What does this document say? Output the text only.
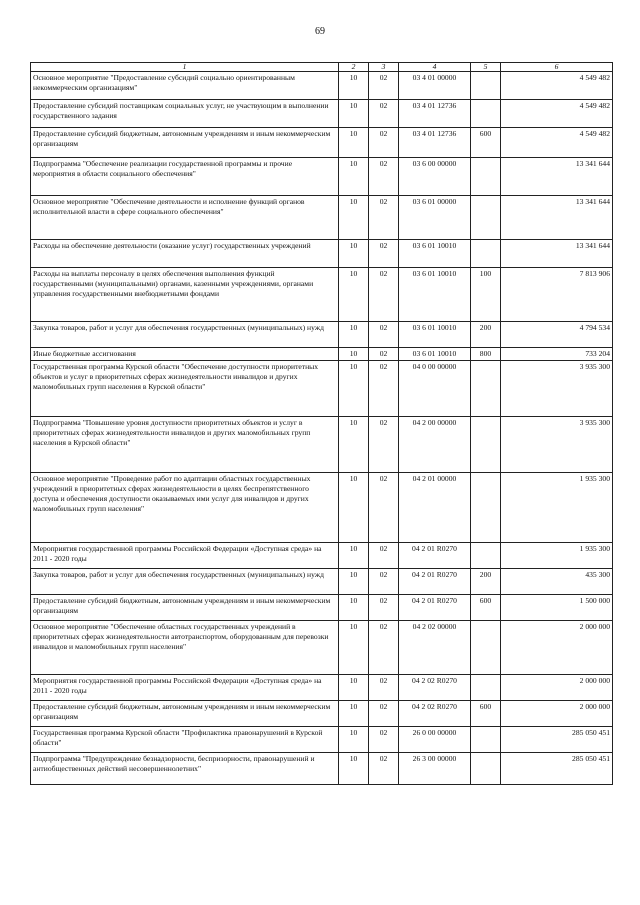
69
1	2	3	4	5	6
Основное мероприятие "Предоставление субсидий социально ориентированным некоммерческим организациям"	10	02	03 4 01 00000		4 549 482
Предоставление субсидий поставщикам социальных услуг, не участвующим в выполнении государственного задания	10	02	03 4 01 12736		4 549 482
Предоставление субсидий бюджетным, автономным учреждениям и иным некоммерческим организациям	10	02	03 4 01 12736	600	4 549 482
Подпрограмма "Обеспечение реализации государственной программы и прочие мероприятия в области социального обеспечения"	10	02	03 6 00 00000		13 341 644
Основное мероприятие "Обеспечение деятельности и исполнение функций органов исполнительной власти в сфере социального обеспечения"	10	02	03 6 01 00000		13 341 644
Расходы на обеспечение деятельности (оказание услуг) государственных учреждений	10	02	03 6 01 10010		13 341 644
Расходы на выплаты персоналу в целях обеспечения выполнения функций государственными (муниципальными) органами, казенными учреждениями, органами управления государственными внебюджетными фондами	10	02	03 6 01 10010	100	7 813 906
Закупка товаров, работ и услуг для обеспечения государственных (муниципальных) нужд	10	02	03 6 01 10010	200	4 794 534
Иные бюджетные ассигнования	10	02	03 6 01 10010	800	733 204
Государственная программа Курской области "Обеспечение доступности приоритетных объектов и услуг в приоритетных сферах жизнедеятельности инвалидов и других маломобильных групп населения в Курской области"	10	02	04 0 00 00000		3 935 300
Подпрограмма "Повышение уровня доступности приоритетных объектов и услуг в приоритетных сферах жизнедеятельности инвалидов и других маломобильных групп населения в Курской области"	10	02	04 2 00 00000		3 935 300
Основное мероприятие "Проведение работ по адаптации областных государственных учреждений в приоритетных сферах жизнедеятельности в целях беспрепятственного доступа и обеспечения доступности оказываемых ими услуг для инвалидов и других маломобильных групп населения"	10	02	04 2 01 00000		1 935 300
Мероприятия государственной программы Российской Федерации «Доступная среда» на 2011 - 2020 годы	10	02	04 2 01 R0270		1 935 300
Закупка товаров, работ и услуг для обеспечения государственных (муниципальных) нужд	10	02	04 2 01 R0270	200	435 300
Предоставление субсидий бюджетным, автономным учреждениям и иным некоммерческим организациям	10	02	04 2 01 R0270	600	1 500 000
Основное мероприятие "Обеспечение областных государственных учреждений в приоритетных сферах жизнедеятельности автотранспортом, оборудованным для перевозки инвалидов и маломобильных групп населения"	10	02	04 2 02 00000		2 000 000
Мероприятия государственной программы Российской Федерации «Доступная среда» на 2011 - 2020 годы	10	02	04 2 02 R0270		2 000 000
Предоставление субсидий бюджетным, автономным учреждениям и иным некоммерческим организациям	10	02	04 2 02 R0270	600	2 000 000
Государственная программа Курской области "Профилактика правонарушений в Курской области"	10	02	26 0 00 00000		285 050 451
Подпрограмма "Предупреждение безнадзорности, беспризорности, правонарушений и антиобщественных действий несовершеннолетних"	10	02	26 3 00 00000		285 050 451
